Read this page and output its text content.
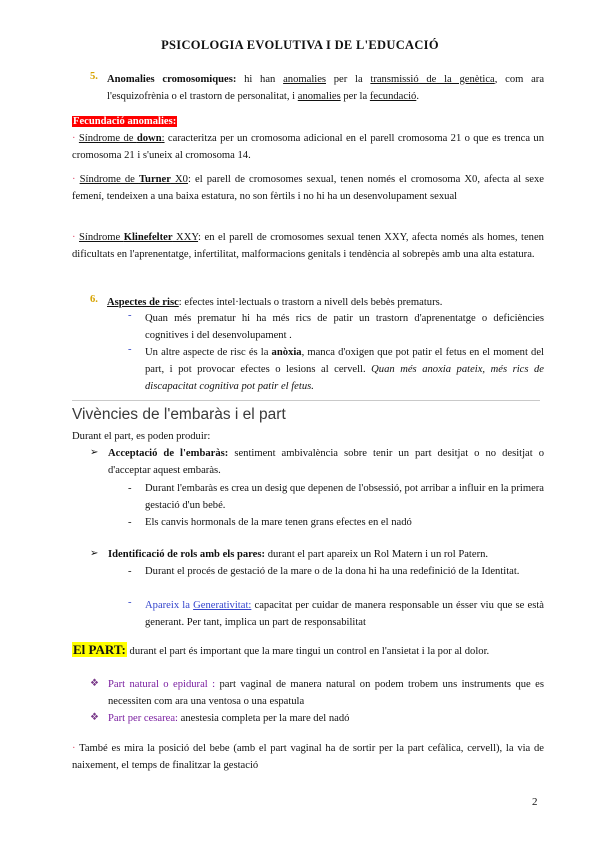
PSICOLOGIA EVOLUTIVA I DE L'EDUCACIÓ
5. Anomalies cromosomiques: hi han anomalies per la transmissió de la genètica, com ara l'esquizofrènia o el trastorn de personalitat, i anomalies per la fecundació.
Fecundació anomalies:
· Síndrome de down: caracteritza per un cromosoma adicional en el parell cromosoma 21 o que es trenca un cromosoma 21 i s'uneix al cromosoma 14.
· Síndrome de Turner X0: el parell de cromosomes sexual, tenen només el cromosoma X0, afecta al sexe femení, tendeixen a una baixa estatura, no son fèrtils i no hi ha un desenvolupament sexual
· Síndrome Klinefelter XXY: en el parell de cromosomes sexual tenen XXY, afecta només als homes, tenen dificultats en l'aprenentatge, infertilitat, malformacions genitals i tendència al sobrepès amb una alta estatura.
6. Aspectes de risc: efectes intel·lectuals o trastorn a nivell dels bebès prematurs.
- Quan més prematur hi ha més rics de patir un trastorn d'aprenentatge o deficiències cognitives i del desenvolupament .
- Un altre aspecte de risc és la anòxia, manca d'oxigen que pot patir el fetus en el moment del part, i pot provocar efectes o lesions al cervell. Quan més anoxia pateix, més rics de discapacitat cognitiva pot patir el fetus.
Vivències de l'embaràs i el part
Durant el part, es poden produir:
➢ Acceptació de l'embaràs: sentiment ambivalència sobre tenir un part desitjat o no desitjat o d'acceptar aquest embaràs.
- Durant l'embaràs es crea un desig que depenen de l'obsessió, pot arribar a influir en la primera gestació d'un bebé.
- Els canvis hormonals de la mare tenen grans efectes en el nadó
➢ Identificació de rols amb els pares: durant el part apareix un Rol Matern i un rol Patern.
- Durant el procés de gestació de la mare o de la dona hi ha una redefinició de la Identitat.
- Apareix la Generativitat: capacitat per cuidar de manera responsable un ésser viu que se està generant. Per tant, implica un part de responsabilitat
El PART: durant el part és important que la mare tingui un control en l'ansietat i la por al dolor.
❖ Part natural o epidural : part vaginal de manera natural on podem trobem uns instruments que es necessiten com ara una ventosa o una espatula
❖ Part per cesarea: anestesia completa per la mare del nadó
· També es mira la posició del bebe (amb el part vaginal ha de sortir per la part cefàlica, cervell), la via de naixement, el temps de finalitzar la gestació
2
